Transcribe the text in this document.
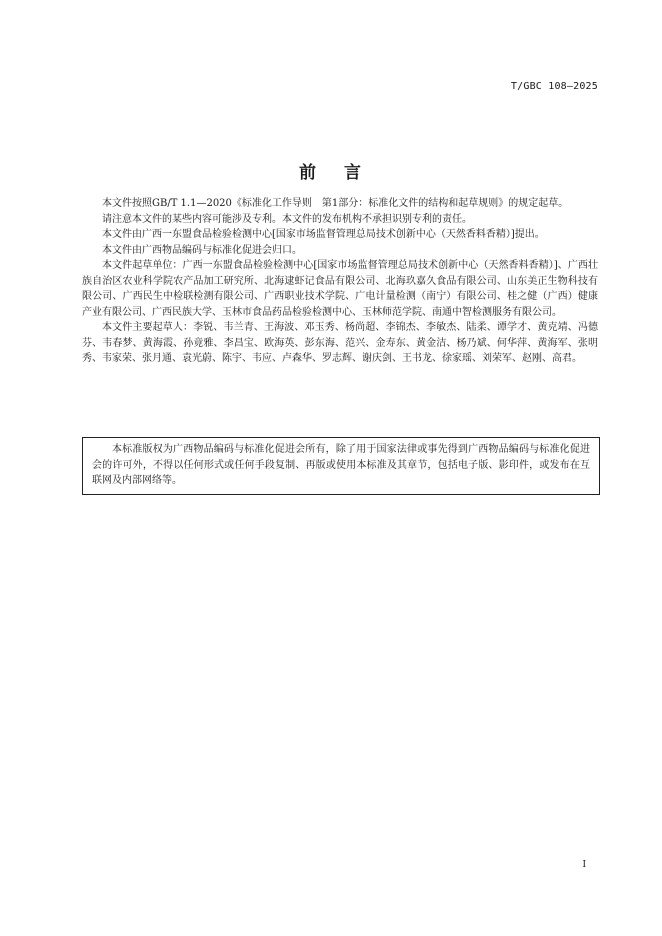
T/GBC 108—2025
前 言

本文件按照GB/T 1.1—2020《标准化工作导则　第1部分：标准化文件的结构和起草规则》的规定起草。

请注意本文件的某些内容可能涉及专利。本文件的发布机构不承担识别专利的责任。

本文件由广西一东盟食品检验检测中心[国家市场监督管理总局技术创新中心（天然香料香精）]提出。

本文件由广西物品编码与标准化促进会归口。

本文件起草单位：广西一东盟食品检验检测中心[国家市场监督管理总局技术创新中心（天然香料香精）]、广西壮族自治区农业科学院农产品加工研究所、北海逮虾记食品有限公司、北海玖嘉久食品有限公司、山东美正生物科技有限公司、广西民生中检联检测有限公司、广西职业技术学院、广电计量检测（南宁）有限公司、桂之健（广西）健康产业有限公司、广西民族大学、玉林市食品药品检验检测中心、玉林师范学院、南通中智检测服务有限公司。

本文件主要起草人：李锐、韦兰青、王海波、邓玉秀、杨尚超、李锦杰、李敏杰、陆柔、谭学才、黄克靖、冯德芬、韦春梦、黄海霞、孙竟雅、李昌宝、欧海英、彭东海、范兴、金寿东、黄金洁、杨乃斌、何华萍、黄海军、张明秀、韦家荣、张月通、袁光蔚、陈宇、韦应、卢森华、罗志辉、谢庆剑、王书龙、徐家瑶、刘荣军、赵刚、高君。

本标准版权为广西物品编码与标准化促进会所有，除了用于国家法律或事先得到广西物品编码与标准化促进会的许可外，不得以任何形式或任何手段复制、再版或使用本标准及其章节，包括电子版、影印件，或发布在互联网及内部网络等。

I
